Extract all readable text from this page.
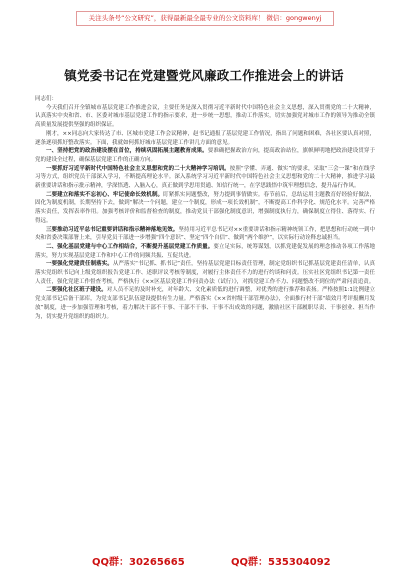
关注头条号“公文研究”，获得最新最全最专业的公文资料库！ 微信：gongwenyj
镇党委书记在党建暨党风廉政工作推进会上的讲话

同志们：

今天我们召开全镇城市基层党建工作推进会议，主要任务是深入贯彻习近平新时代中国特色社会主义思想，深入贯彻党的二十大精神，认真落实中央和省、市、区委对城市基层党建工作的指示要求，进一步统一思想，推动工作落实，切实加强党对城市工作的领导为推动全镇高质量发展提供坚强的组织保证。

刚才，××同志向大家传达了市、区城市党建工作会议精神，赵书记通报了基层党建工作情况，指出了问题和困难，各社区要认真对照，逐条逐项抓好整改落实。下面，我就如何抓好城市基层党建工作讲几方面的意见。

一、坚持把党的政治建设摆在首位，持续巩固拓展主题教育成果。要准确把握政治方向，提高政治站位，旗帜鲜明地把政治建设贯穿于党的建设全过程，确保基层党建工作的正确方向。

一要抓好习近平新时代中国特色社会主义思想和党的二十大精神学习培训。按照“学懂、弄通、做实”的要求，采取“三会一课”和在线学习等方式，组织党员干部深入学习，不断提高理论水平。深入系统学习习近平新时代中国特色社会主义思想和党的二十大精神，推进学习最新重要讲话和指示批示精神，学深悟透、入脑入心，真正做到学思用贯通、知信行统一，在学思践悟中筑牢理想信念，提升品行作风。

二要建立和落实不忘初心、牢记使命长效机制。盯紧抓实问题整改，努力提到事情做实。春节前后，总结运用主题教育好经验好做法，固化为制度机制，长期坚持下去，做到“解决一个问题，建立一个制度，形成一项长效机制”，不断提高工作科学化、规范化水平。完善严格落实责任，发挥表率作用。加强考核评价和监督检查的制度，推动党员干部强化制度意识，增强制度执行力，确保制度立得住、落得实、行得远。

三要推动习近平总书记重要讲话和指示精神落地见效。坚持用习近平总书记对××重要讲话和指示精神统领工作，把思想和行动统一到中央和省委决策部署上来，引导党员干部进一步增强“四个意识”、坚定“四个自信”、做到“两个维护”，以实际行动诠释忠诚担当。

二、强化基层党建与中心工作相结合，不断提升基层党建工作质量。要立足实际，统筹谋划，以抓党建促发展的理念推动各项工作落地落实，努力实现基层党建工作和中心工作的同频共振、互促共进。

一要强化党建责任制落实。从严落实“书记抓、抓书记”责任，坚持基层党建目标责任管理，制定党组织书记抓基层党建责任清单，认真落实党组织书记向上级党组织报告党建工作、述职评议考核等制度，对履行主体责任不力的进行约谈和问责。压实社区党组织书记第一责任人责任，强化党建工作督查考核，严格执行《××区基层党建工作问责办法（试行）》，对抓党建工作不力、问题整改不到位的严肃问责追责。

二要强化社区班子建设。对人员不足的及时补充，对年龄大、文化素质低的进行调整，对优秀的进行推荐和表扬。严格按照1:1比例建立党支部书记后备干部库，为党支部书记队伍建设提供有生力量。严格落实《××省村级干部管理办法》，全面推行村干部“绩效月考评报酬月发放”制度，进一步加强管理和考核，着力解决干部不干事、干部不干事、干事不出成效的问题，激励社区干部履职尽责、干事创业、担当作为，切实提升党组织的组织力。

QQ群：30265665	QQ群：535304092
